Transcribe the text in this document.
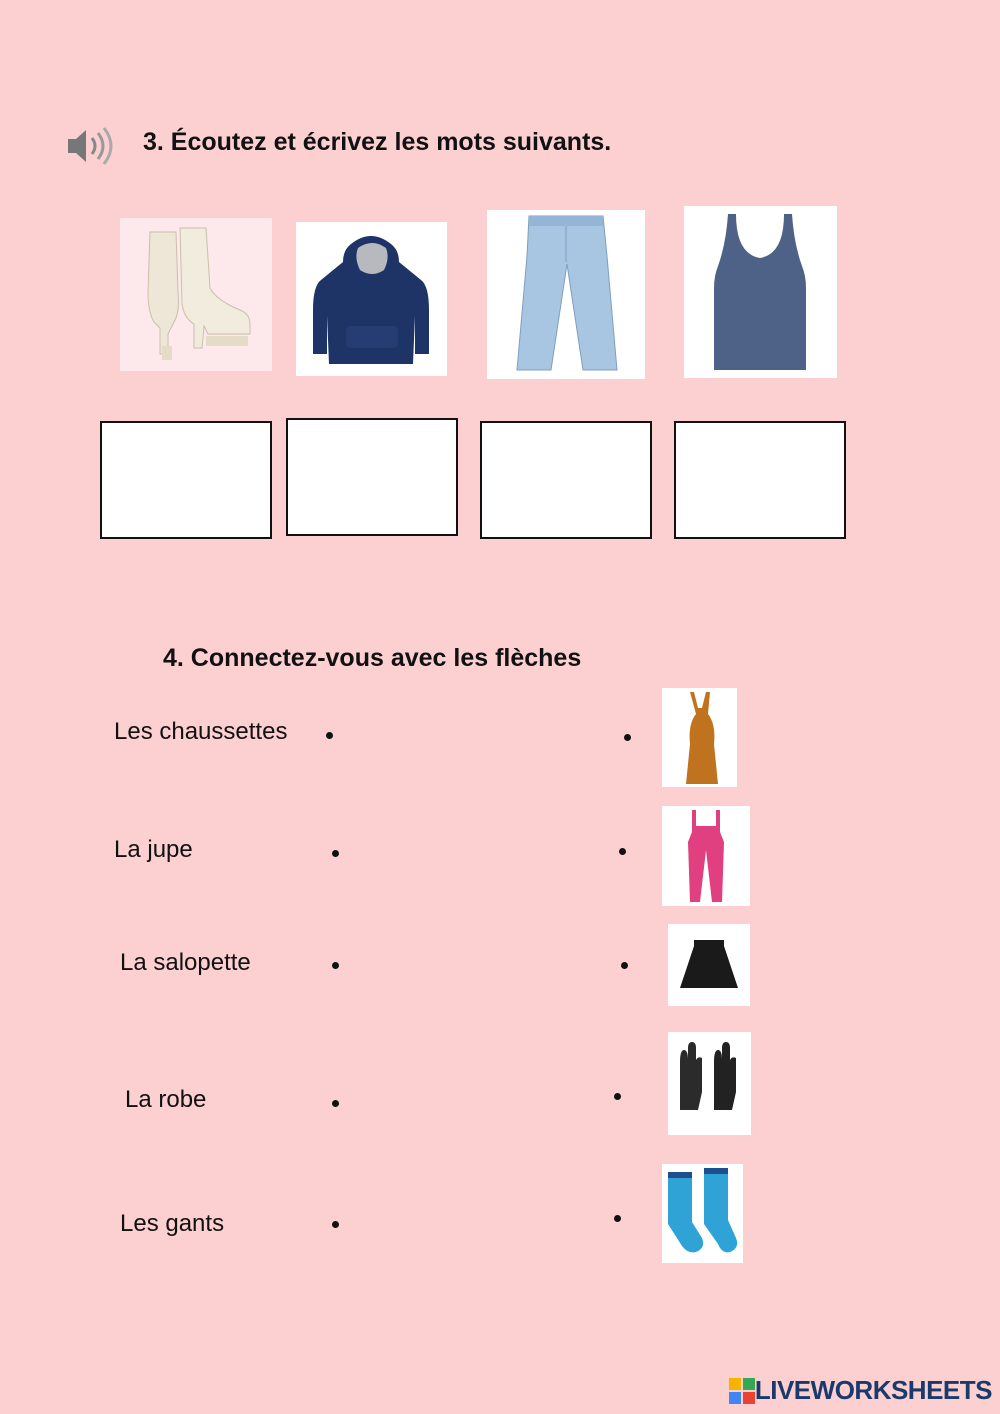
3. Écoutez et écrivez les mots suivants.
4. Connectez-vous avec les flèches
Les chaussettes
La jupe
La salopette
La robe
Les gants
LIVEWORKSHEETS
